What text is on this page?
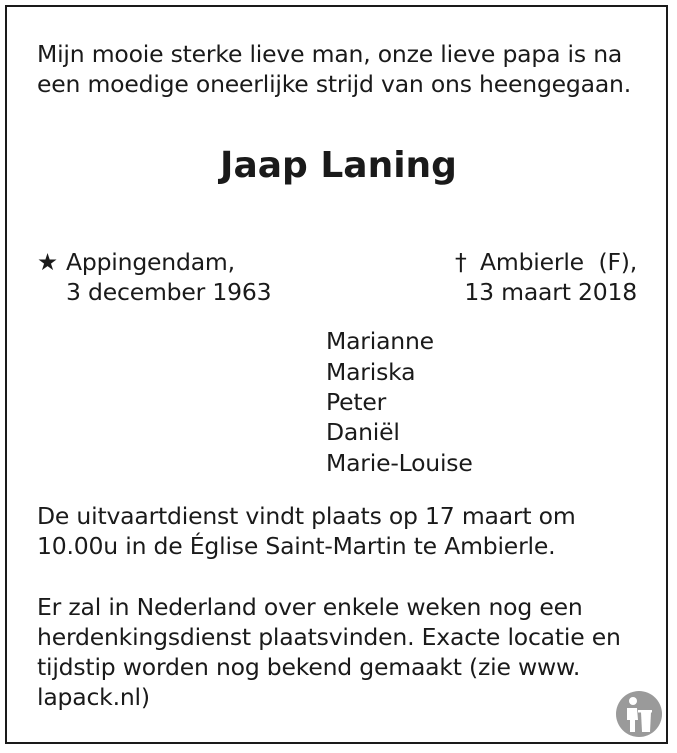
Mijn mooie sterke lieve man, onze lieve papa is na
een moedige oneerlijke strijd van ons heengegaan.
Jaap Laning
★ Appingendam,
3 december 1963
† Ambierle  (F),
13 maart 2018
Marianne
Mariska
Peter
Daniël
Marie-Louise
De uitvaartdienst vindt plaats op 17 maart om
10.00u in de Église Saint-Martin te Ambierle.
Er zal in Nederland over enkele weken nog een
herdenkingsdienst plaatsvinden. Exacte locatie en
tijdstip worden nog bekend gemaakt (zie www.
lapack.nl)
